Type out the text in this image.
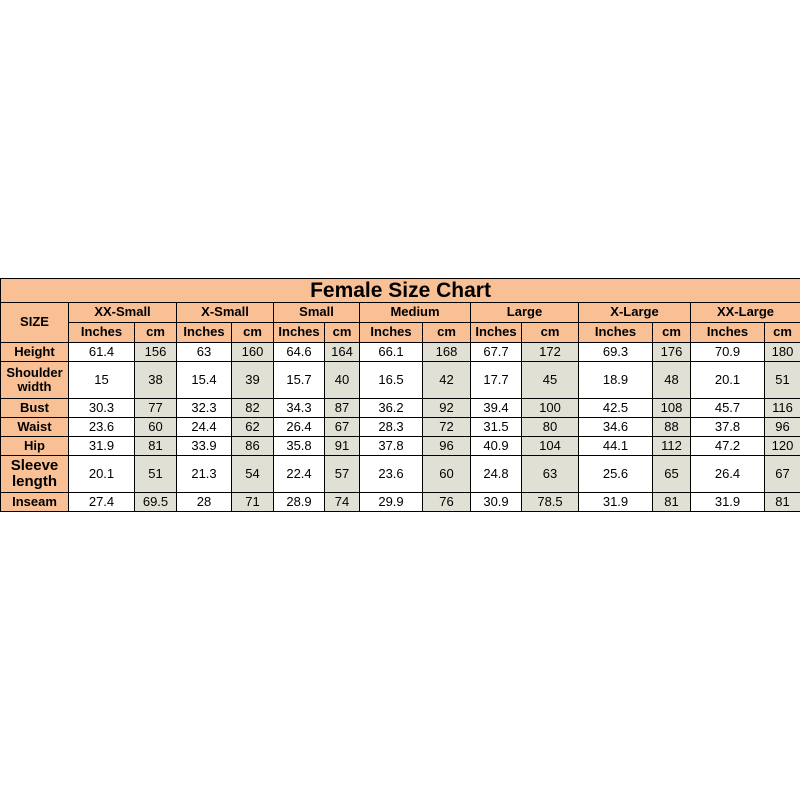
Female Size Chart														
SIZE	XX-Small		X-Small		Small		Medium		Large		X-Large		XX-Large	
	Inches	cm	Inches	cm	Inches	cm	Inches	cm	Inches	cm	Inches	cm	Inches	cm
Height	61.4	156	63	160	64.6	164	66.1	168	67.7	172	69.3	176	70.9	180
Shoulder width	15	38	15.4	39	15.7	40	16.5	42	17.7	45	18.9	48	20.1	51
Bust	30.3	77	32.3	82	34.3	87	36.2	92	39.4	100	42.5	108	45.7	116
Waist	23.6	60	24.4	62	26.4	67	28.3	72	31.5	80	34.6	88	37.8	96
Hip	31.9	81	33.9	86	35.8	91	37.8	96	40.9	104	44.1	112	47.2	120
Sleeve length	20.1	51	21.3	54	22.4	57	23.6	60	24.8	63	25.6	65	26.4	67
Inseam	27.4	69.5	28	71	28.9	74	29.9	76	30.9	78.5	31.9	81	31.9	81
